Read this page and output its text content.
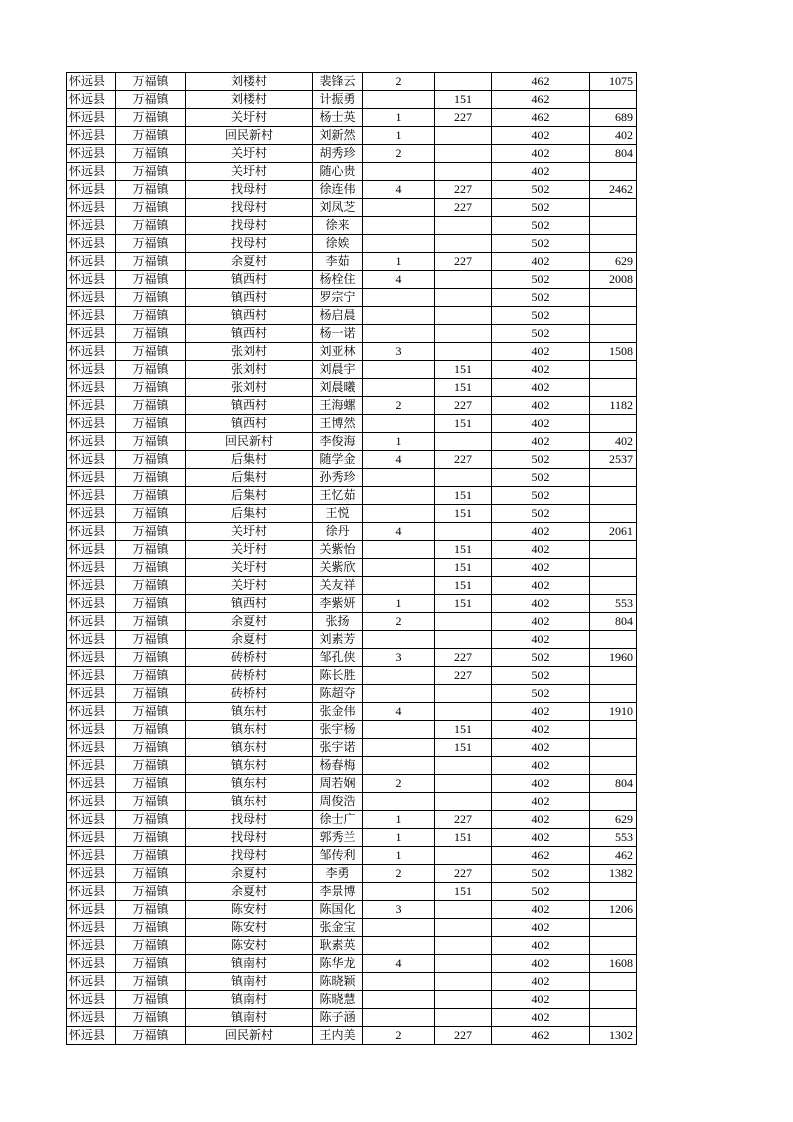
怀远县	万福镇	刘楼村	裴锋云	2		462	1075
怀远县	万福镇	刘楼村	计振勇		151	462	
怀远县	万福镇	关圩村	杨士英	1	227	462	689
怀远县	万福镇	回民新村	刘新然	1		402	402
怀远县	万福镇	关圩村	胡秀珍	2		402	804
怀远县	万福镇	关圩村	随心贵			402	
怀远县	万福镇	找母村	徐连伟	4	227	502	2462
怀远县	万福镇	找母村	刘凤芝		227	502	
怀远县	万福镇	找母村	徐来			502	
怀远县	万福镇	找母村	徐娭			502	
怀远县	万福镇	余夏村	李茹	1	227	402	629
怀远县	万福镇	镇西村	杨栓住	4		502	2008
怀远县	万福镇	镇西村	罗宗宁			502	
怀远县	万福镇	镇西村	杨启晨			502	
怀远县	万福镇	镇西村	杨一诺			502	
怀远县	万福镇	张刘村	刘亚林	3		402	1508
怀远县	万福镇	张刘村	刘晨宇		151	402	
怀远县	万福镇	张刘村	刘晨曦		151	402	
怀远县	万福镇	镇西村	王海螺	2	227	402	1182
怀远县	万福镇	镇西村	王博然		151	402	
怀远县	万福镇	回民新村	李俊海	1		402	402
怀远县	万福镇	后集村	随学金	4	227	502	2537
怀远县	万福镇	后集村	孙秀珍			502	
怀远县	万福镇	后集村	王忆茹		151	502	
怀远县	万福镇	后集村	王悦		151	502	
怀远县	万福镇	关圩村	徐丹	4		402	2061
怀远县	万福镇	关圩村	关紫怡		151	402	
怀远县	万福镇	关圩村	关紫欣		151	402	
怀远县	万福镇	关圩村	关友祥		151	402	
怀远县	万福镇	镇西村	李紫妍	1	151	402	553
怀远县	万福镇	余夏村	张扬	2		402	804
怀远县	万福镇	余夏村	刘素芳			402	
怀远县	万福镇	砖桥村	邹孔侠	3	227	502	1960
怀远县	万福镇	砖桥村	陈长胜		227	502	
怀远县	万福镇	砖桥村	陈超夺			502	
怀远县	万福镇	镇东村	张金伟	4		402	1910
怀远县	万福镇	镇东村	张宇杨		151	402	
怀远县	万福镇	镇东村	张宇诺		151	402	
怀远县	万福镇	镇东村	杨春梅			402	
怀远县	万福镇	镇东村	周若娴	2		402	804
怀远县	万福镇	镇东村	周俊浩			402	
怀远县	万福镇	找母村	徐士广	1	227	402	629
怀远县	万福镇	找母村	郭秀兰	1	151	402	553
怀远县	万福镇	找母村	邹传利	1		462	462
怀远县	万福镇	余夏村	李勇	2	227	502	1382
怀远县	万福镇	余夏村	李景博		151	502	
怀远县	万福镇	陈安村	陈国化	3		402	1206
怀远县	万福镇	陈安村	张金宝			402	
怀远县	万福镇	陈安村	耿素英			402	
怀远县	万福镇	镇南村	陈华龙	4		402	1608
怀远县	万福镇	镇南村	陈晓颖			402	
怀远县	万福镇	镇南村	陈晓慧			402	
怀远县	万福镇	镇南村	陈子涵			402	
怀远县	万福镇	回民新村	王内美	2	227	462	1302
